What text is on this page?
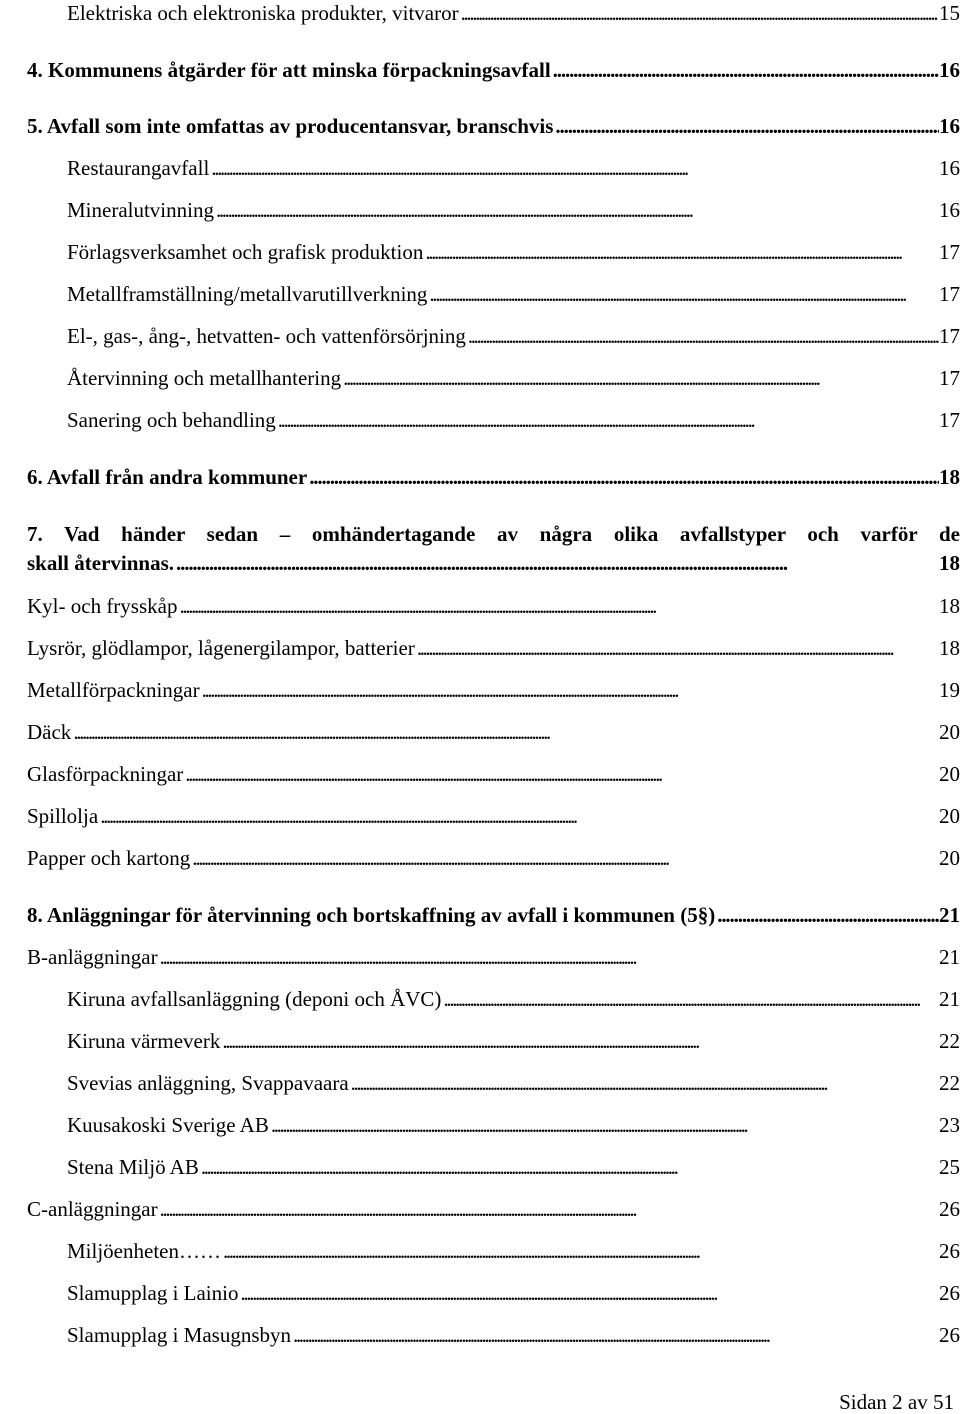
Elektriska och elektroniska produkter, vitvaror . . .	15
4. Kommunens åtgärder för att minska förpackningsavfall . . .	16
5. Avfall som inte omfattas av producentansvar, branschvis . . .	16
Restaurangavfall . . .	16
Mineralutvinning . . .	16
Förlagsverksamhet och grafisk produktion . . .	17
Metallframställning/metallvarutillverkning . . .	17
El-, gas-, ång-, hetvatten- och vattenförsörjning . . .	17
Återvinning och metallhantering . . .	17
Sanering och behandling . . .	17
6. Avfall från andra kommuner . . .	18
7. Vad händer sedan – omhändertagande av några olika avfallstyper och varför de
skall återvinnas. . . .	18
Kyl- och frysskåp . . .	18
Lysrör, glödlampor, lågenergilampor, batterier . . .	18
Metallförpackningar . . .	19
Däck . . .	20
Glasförpackningar . . .	20
Spillolja . . .	20
Papper och kartong . . .	20
8. Anläggningar för återvinning och bortskaffning av avfall i kommunen (5§) . . .	21
B-anläggningar . . .	21
Kiruna avfallsanläggning (deponi och ÅVC) . . .	21
Kiruna värmeverk . . .	22
Svevias anläggning, Svappavaara . . .	22
Kuusakoski Sverige AB . . .	23
Stena Miljö AB . . .	25
C-anläggningar . . .	26
Miljöenheten…… . . .	26
Slamupplag i Lainio . . .	26
Slamupplag i Masugnsbyn . . .	26
Sidan 2 av 51
